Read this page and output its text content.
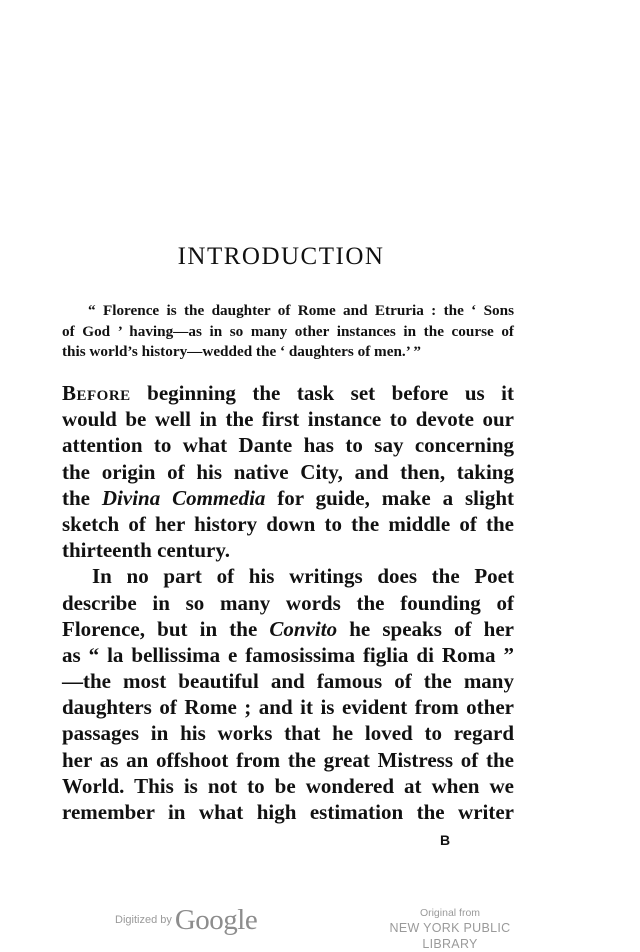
INTRODUCTION
“ Florence is the daughter of Rome and Etruria : the ‘ Sons
of God ’ having—as in so many other instances in the course of
this world’s history—wedded the ‘ daughters of men.’ ”
Before beginning the task set before us it
would be well in the first instance to devote our
attention to what Dante has to say concerning
the origin of his native City, and then, taking
the Divina Commedia for guide, make a slight
sketch of her history down to the middle of the
thirteenth century.
In no part of his writings does the Poet
describe in so many words the founding of
Florence, but in the Convito he speaks of her
as “ la bellissima e famosissima figlia di Roma ”
—the most beautiful and famous of the many
daughters of Rome ; and it is evident from other
passages in his works that he loved to regard
her as an offshoot from the great Mistress of the
World. This is not to be wondered at when we
remember in what high estimation the writer
B
$^{Digitized by}$ Google	Original from
NEW YORK PUBLIC LIBRARY
